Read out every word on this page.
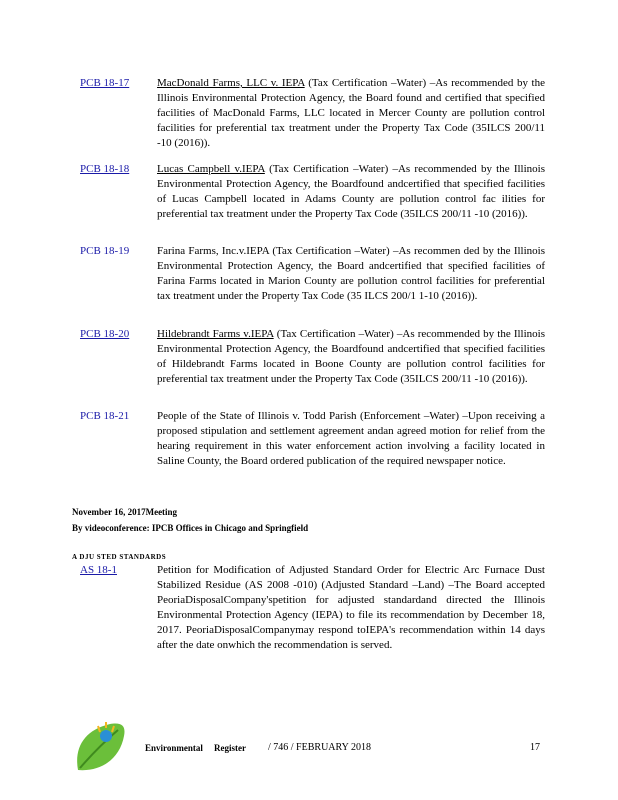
PCB 18-17	MacDonald Farms, LLC v. IEPA (Tax Certification –Water) –As recommended by the Illinois Environmental Protection Agency, the Board found and certified that specified facilities of MacDonald Farms, LLC located in Mercer County are pollution control facilities for preferential tax treatment under the Property Tax Code (35ILCS 200/11 -10 (2016)).
PCB 18-18	Lucas Campbell v.IEPA (Tax Certification –Water) –As recommended by the Illinois Environmental Protection Agency, the Boardfound andcertified that specified facilities of Lucas Campbell located in Adams County are pollution control fac ilities for preferential tax treatment under the Property Tax Code (35ILCS 200/11 -10 (2016)).
PCB 18-19	Farina Farms, Inc.v.IEPA (Tax Certification –Water) –As recommen ded by the Illinois Environmental Protection Agency, the Board andcertified that specified facilities of Farina Farms located in Marion County are pollution control facilities for preferential tax treatment under the Property Tax Code (35 ILCS 200/1 1-10 (2016)).
PCB 18-20	Hildebrandt Farms v.IEPA (Tax Certification –Water) –As recommended by the Illinois Environmental Protection Agency, the Boardfound andcertified that specified facilities of Hildebrandt Farms located in Boone County are pollution control facilities for preferential tax treatment under the Property Tax Code (35ILCS 200/11 -10 (2016)).
PCB 18-21	People of the State of Illinois v. Todd Parish (Enforcement –Water) –Upon receiving a proposed stipulation and settlement agreement andan agreed motion for relief from the hearing requirement in this water enforcement action involving a facility located in Saline County, the Board ordered publication of the required newspaper notice.
November 16, 2017Meeting
By videoconference: IPCB Offices in Chicago and Springfield
A DJU STED STANDARDS
AS 18-1	Petition for Modification of Adjusted Standard Order for Electric Arc Furnace Dust Stabilized Residue (AS 2008 -010) (Adjusted Standard –Land) –The Board accepted PeoriaDisposalCompany'spetition for adjusted standardand directed the Illinois Environmental Protection Agency (IEPA) to file its recommendation by December 18, 2017. PeoriaDisposalCompanymay respond toIEPA's recommendation within 14 days after the date onwhich the recommendation is served.
Environmental Register / 746 / FEBRUARY 2018	17
